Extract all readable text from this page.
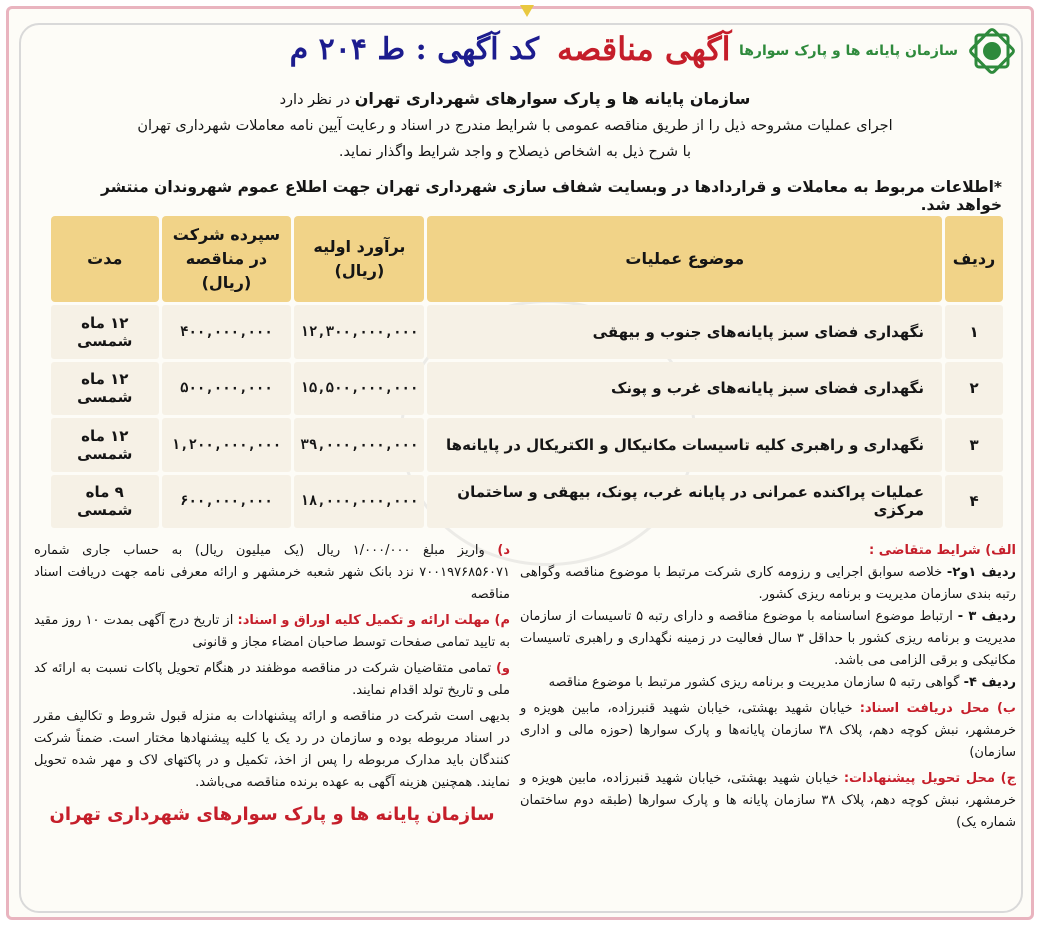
سازمان پایانه ها و پارک سوارها
آگهی مناقصه
کد آگهی : ط ۲۰۴ م
سازمان پایانه ها و پارک سوارهای شهرداری تهران در نظر دارد
اجرای عملیات مشروحه ذیل را از طریق مناقصه عمومی با شرایط مندرج در اسناد و رعایت آیین نامه معاملات شهرداری تهران
با شرح ذیل به اشخاص ذیصلاح و واجد شرایط واگذار نماید.
*اطلاعات مربوط به معاملات و قراردادها در وبسایت شفاف سازی شهرداری تهران جهت اطلاع عموم شهروندان منتشر خواهد شد.
ردیف	موضوع عملیات	برآورد اولیه (ریال)	سپرده شرکت در مناقصه (ریال)	مدت
۱	نگهداری فضای سبز پایانه‌های جنوب و بیهقی	۱۲,۳۰۰,۰۰۰,۰۰۰	۴۰۰,۰۰۰,۰۰۰	۱۲ ماه شمسی
۲	نگهداری فضای سبز پایانه‌های غرب و پونک	۱۵,۵۰۰,۰۰۰,۰۰۰	۵۰۰,۰۰۰,۰۰۰	۱۲ ماه شمسی
۳	نگهداری و راهبری کلیه تاسیسات مکانیکال و الکتریکال در پایانه‌ها	۳۹,۰۰۰,۰۰۰,۰۰۰	۱,۲۰۰,۰۰۰,۰۰۰	۱۲ ماه شمسی
۴	عملیات پراکنده عمرانی در پایانه غرب، پونک، بیهقی و ساختمان مرکزی	۱۸,۰۰۰,۰۰۰,۰۰۰	۶۰۰,۰۰۰,۰۰۰	۹ ماه شمسی
الف) شرایط متقاضی :
ردیف ۱و۲- خلاصه سوابق اجرایی و رزومه کاری شرکت مرتبط با موضوع مناقصه وگواهی رتبه بندی سازمان مدیریت و برنامه ریزی کشور.
ردیف ۳ - ارتباط موضوع اساسنامه با موضوع مناقصه و دارای رتبه ۵ تاسیسات از سازمان مدیریت و برنامه ریزی کشور با حداقل ۳ سال فعالیت در زمینه نگهداری و راهبری تاسیسات مکانیکی و برقی الزامی می باشد.
ردیف ۴- گواهی رتبه ۵ سازمان مدیریت و برنامه ریزی کشور مرتبط با موضوع مناقصه
ب) محل دریافت اسناد: خیابان شهید بهشتی، خیابان شهید قنبرزاده، مابین هویزه و خرمشهر، نبش کوچه دهم، پلاک ۳۸ سازمان پایانه‌ها و پارک سوارها (حوزه مالی و اداری سازمان)
ج) محل تحویل پیشنهادات: خیابان شهید بهشتی، خیابان شهید قنبرزاده، مابین هویزه و خرمشهر، نبش کوچه دهم، پلاک ۳۸ سازمان پایانه ها و پارک سوارها (طبقه دوم ساختمان شماره یک)
د) واریز مبلغ ۱/۰۰۰/۰۰۰ ریال (یک میلیون ریال) به حساب جاری شماره ۷۰۰۱۹۷۶۸۵۶۰۷۱ نزد بانک شهر شعبه خرمشهر و ارائه معرفی نامه جهت دریافت اسناد مناقصه
م) مهلت ارائه و تکمیل کلیه اوراق و اسناد: از تاریخ درج آگهی بمدت ۱۰ روز مقید به تایید تمامی صفحات توسط صاحبان امضاء مجاز و قانونی
و) تمامی متقاضیان شرکت در مناقصه موظفند در هنگام تحویل پاکات نسبت به ارائه کد ملی و تاریخ تولد اقدام نمایند.
بدیهی است شرکت در مناقصه و ارائه پیشنهادات به منزله قبول شروط و تکالیف مقرر در اسناد مربوطه بوده و سازمان در رد یک یا کلیه پیشنهادها مختار است. ضمناً شرکت کنندگان باید مدارک مربوطه را پس از اخذ، تکمیل و در پاکتهای لاک و مهر شده تحویل نمایند. همچنین هزینه آگهی به عهده برنده مناقصه می‌باشد.
سازمان پایانه ها و پارک سوارهای شهرداری تهران
